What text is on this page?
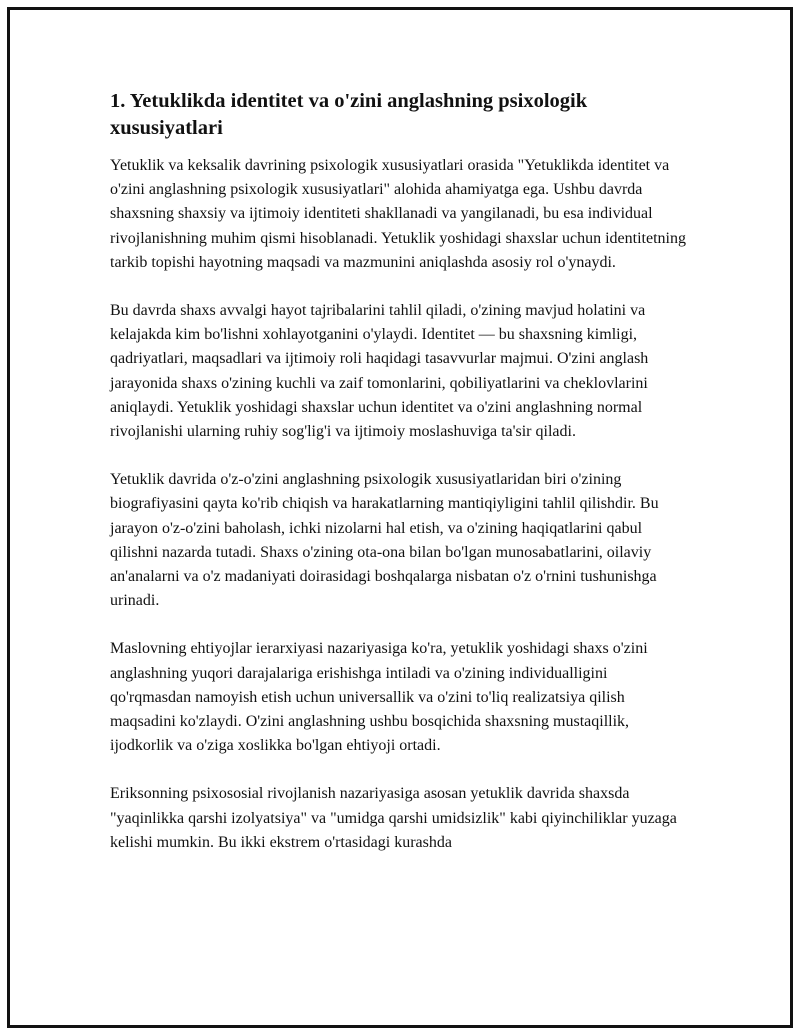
1. Yetuklikda identitet va o'zini anglashning psixologik xususiyatlari

Yetuklik va keksalik davrining psixologik xususiyatlari orasida "Yetuklikda identitet va o'zini anglashning psixologik xususiyatlari" alohida ahamiyatga ega. Ushbu davrda shaxsning shaxsiy va ijtimoiy identiteti shakllanadi va yangilanadi, bu esa individual rivojlanishning muhim qismi hisoblanadi. Yetuklik yoshidagi shaxslar uchun identitetning tarkib topishi hayotning maqsadi va mazmunini aniqlashda asosiy rol o'ynaydi.

Bu davrda shaxs avvalgi hayot tajribalarini tahlil qiladi, o'zining mavjud holatini va kelajakda kim bo'lishni xohlayotganini o'ylaydi. Identitet — bu shaxsning kimligi, qadriyatlari, maqsadlari va ijtimoiy roli haqidagi tasavvurlar majmui. O'zini anglash jarayonida shaxs o'zining kuchli va zaif tomonlarini, qobiliyatlarini va cheklovlarini aniqlaydi. Yetuklik yoshidagi shaxslar uchun identitet va o'zini anglashning normal rivojlanishi ularning ruhiy sog'lig'i va ijtimoiy moslashuviga ta'sir qiladi.

Yetuklik davrida o'z-o'zini anglashning psixologik xususiyatlaridan biri o'zining biografiyasini qayta ko'rib chiqish va harakatlarning mantiqiyligini tahlil qilishdir. Bu jarayon o'z-o'zini baholash, ichki nizolarni hal etish, va o'zining haqiqatlarini qabul qilishni nazarda tutadi. Shaxs o'zining ota-ona bilan bo'lgan munosabatlarini, oilaviy an'analarni va o'z madaniyati doirasidagi boshqalarga nisbatan o'z o'rnini tushunishga urinadi.

Maslovning ehtiyojlar ierarxiyasi nazariyasiga ko'ra, yetuklik yoshidagi shaxs o'zini anglashning yuqori darajalariga erishishga intiladi va o'zining individualligini qo'rqmasdan namoyish etish uchun universallik va o'zini to'liq realizatsiya qilish maqsadini ko'zlaydi. O'zini anglashning ushbu bosqichida shaxsning mustaqillik, ijodkorlik va o'ziga xoslikka bo'lgan ehtiyoji ortadi.

Eriksonning psixososial rivojlanish nazariyasiga asosan yetuklik davrida shaxsda "yaqinlikka qarshi izolyatsiya" va "umidga qarshi umidsizlik" kabi qiyinchiliklar yuzaga kelishi mumkin. Bu ikki ekstrem o'rtasidagi kurashda
